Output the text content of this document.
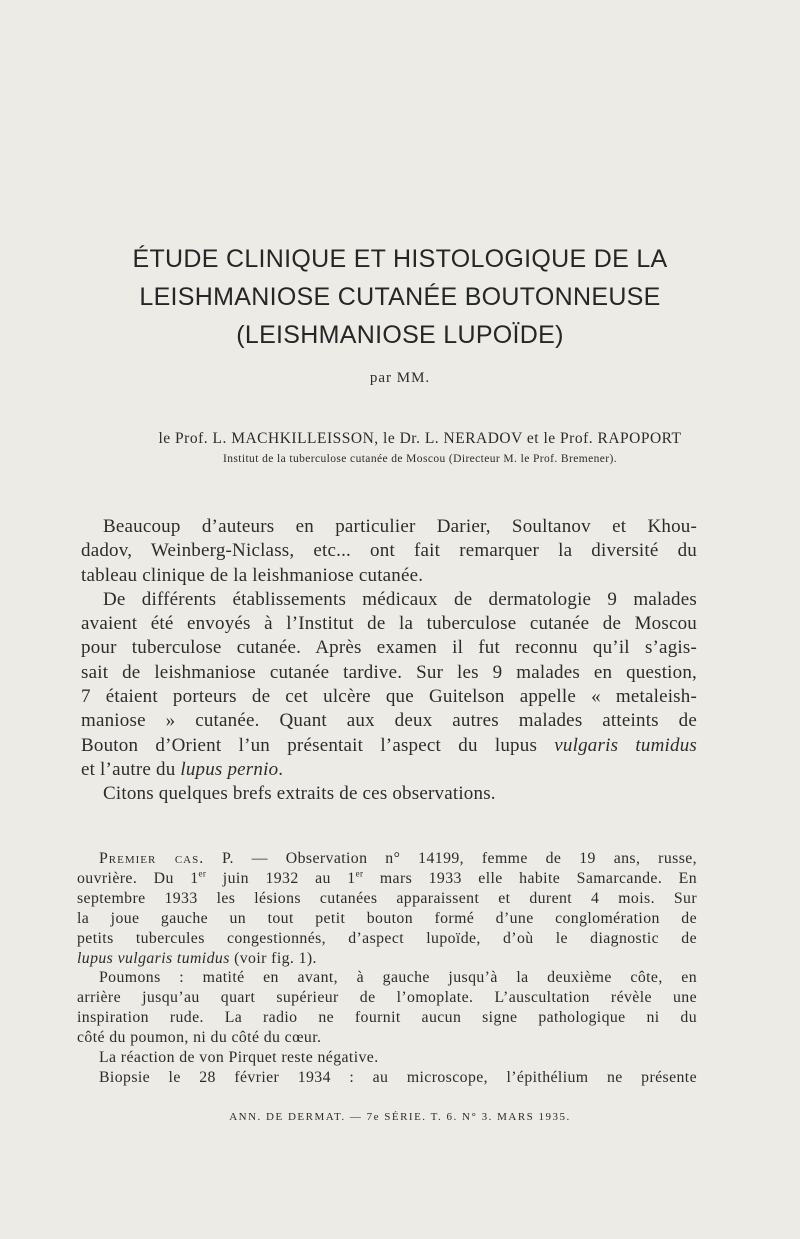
ÉTUDE CLINIQUE ET HISTOLOGIQUE DE LA
LEISHMANIOSE CUTANÉE BOUTONNEUSE
(LEISHMANIOSE LUPOÏDE)
par MM.
le Prof. L. MACHKILLEISSON, le Dr. L. NERADOV et le Prof. RAPOPORT
Institut de la tuberculose cutanée de Moscou (Directeur M. le Prof. Bremener).
Beaucoup d’auteurs en particulier Darier, Soultanov et Khou-
dadov, Weinberg-Niclass, etc... ont fait remarquer la diversité du
tableau clinique de la leishmaniose cutanée.
De différents établissements médicaux de dermatologie 9 malades
avaient été envoyés à l’Institut de la tuberculose cutanée de Moscou
pour tuberculose cutanée. Après examen il fut reconnu qu’il s’agis-
sait de leishmaniose cutanée tardive. Sur les 9 malades en question,
7 étaient porteurs de cet ulcère que Guitelson appelle « metaleish-
maniose » cutanée. Quant aux deux autres malades atteints de
Bouton d’Orient l’un présentait l’aspect du lupus vulgaris tumidus
et l’autre du lupus pernio.
Citons quelques brefs extraits de ces observations.
Premier cas. P. — Observation n° 14199, femme de 19 ans, russe,
ouvrière. Du 1er juin 1932 au 1er mars 1933 elle habite Samarcande. En
septembre 1933 les lésions cutanées apparaissent et durent 4 mois. Sur
la joue gauche un tout petit bouton formé d’une conglomération de
petits tubercules congestionnés, d’aspect lupoïde, d’où le diagnostic de
lupus vulgaris tumidus (voir fig. 1).
Poumons : matité en avant, à gauche jusqu’à la deuxième côte, en
arrière jusqu’au quart supérieur de l’omoplate. L’auscultation révèle une
inspiration rude. La radio ne fournit aucun signe pathologique ni du
côté du poumon, ni du côté du cœur.
La réaction de von Pirquet reste négative.
Biopsie le 28 février 1934 : au microscope, l’épithélium ne présente
ANN. DE DERMAT. — 7e SÉRIE. T. 6. N° 3. MARS 1935.
